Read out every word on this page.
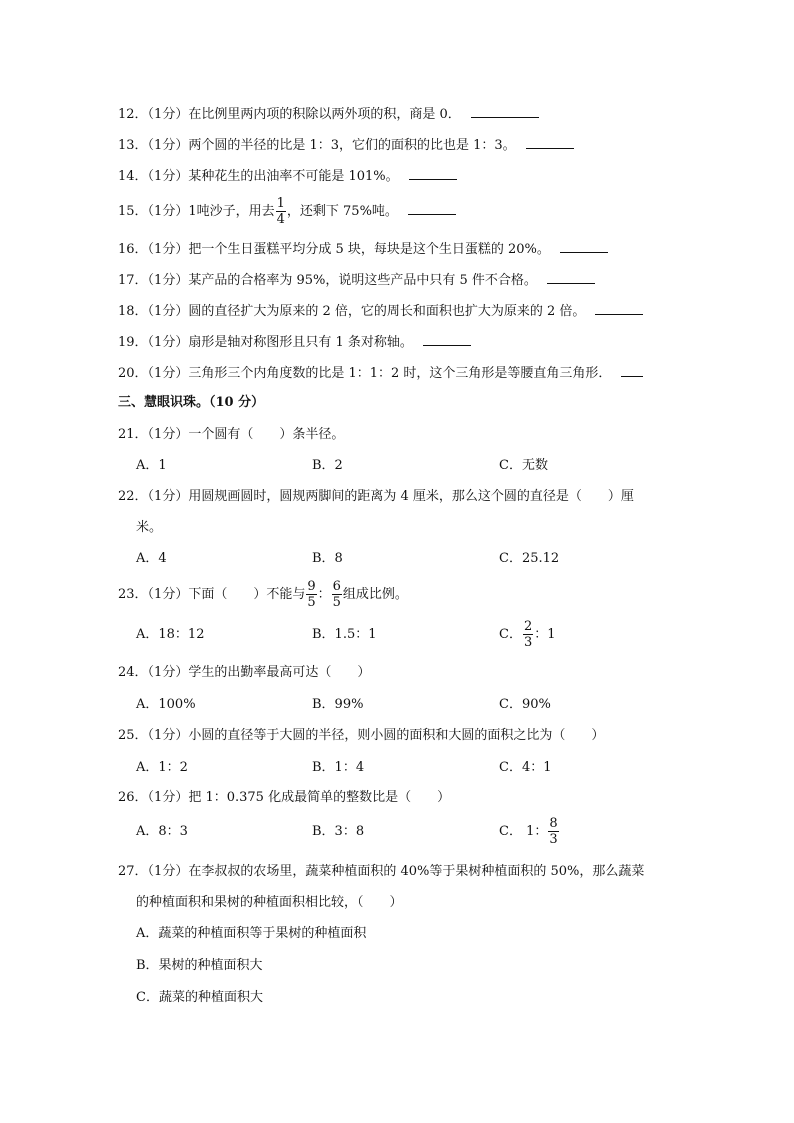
12．（1分）在比例里两内项的积除以两外项的积，商是 0．
13．（1分）两个圆的半径的比是 1：3，它们的面积的比也是 1：3。
14．（1分）某种花生的出油率不可能是 101%。
15．（1分）1吨沙子，用去 $\frac{1}{4}$ ，还剩下 75%吨。
16．（1分）把一个生日蛋糕平均分成 5 块，每块是这个生日蛋糕的 20%。
17．（1分）某产品的合格率为 95%，说明这些产品中只有 5 件不合格。
18．（1分）圆的直径扩大为原来的 2 倍，它的周长和面积也扩大为原来的 2 倍。
19．（1分）扇形是轴对称图形且只有 1 条对称轴。
20．（1分）三角形三个内角度数的比是 1：1：2 时，这个三角形是等腰直角三角形．
三、慧眼识珠。（10 分）
21．（1分）一个圆有（　　）条半径。
A．1	B．2	C．无数
22．（1分）用圆规画圆时，圆规两脚间的距离为 4 厘米，那么这个圆的直径是（　　）厘
米。
A．4	B．8	C．25.12
23．（1分）下面（　　）不能与 $\frac{9}{5}$ ： $\frac{6}{5}$ 组成比例。
A．18：12	B．1.5：1	C． $\frac{2}{3}$ ：1
24．（1分）学生的出勤率最高可达（　　）
A．100%	B．99%	C．90%
25．（1分）小圆的直径等于大圆的半径，则小圆的面积和大圆的面积之比为（　　）
A．1：2	B．1：4	C．4：1
26．（1分）把 1：0.375 化成最简单的整数比是（　　）
A．8：3	B．3：8	C． 1： $\frac{8}{3}$
27．（1分）在李叔叔的农场里，蔬菜种植面积的 40%等于果树种植面积的 50%，那么蔬菜
的种植面积和果树的种植面积相比较，（　　）
A．蔬菜的种植面积等于果树的种植面积
B．果树的种植面积大
C．蔬菜的种植面积大
